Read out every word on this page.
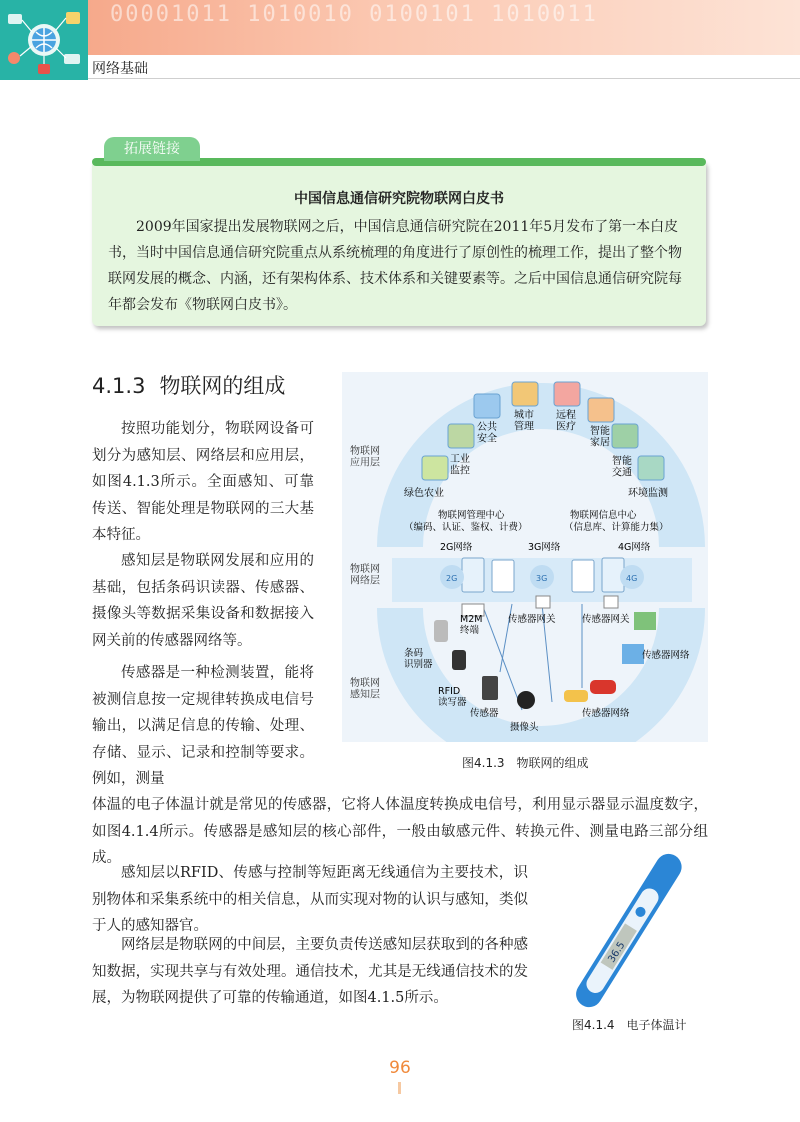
00001011 1010010 0100101 1010011
网络基础
拓展链接
中国信息通信研究院物联网白皮书
2009年国家提出发展物联网之后，中国信息通信研究院在2011年5月发布了第一本白皮书，当时中国信息通信研究院重点从系统梳理的角度进行了原创性的梳理工作，提出了整个物联网发展的概念、内涵，还有架构体系、技术体系和关键要素等。之后中国信息通信研究院每年都会发布《物联网白皮书》。
4.1.3 物联网的组成
按照功能划分，物联网设备可划分为感知层、网络层和应用层，如图4.1.3所示。全面感知、可靠传送、智能处理是物联网的三大基本特征。
感知层是物联网发展和应用的基础，包括条码识读器、传感器、摄像头等数据采集设备和数据接入网关前的传感器网络等。
传感器是一种检测装置，能将被测信息按一定规律转换成电信号输出，以满足信息的传输、处理、存储、显示、记录和控制等要求。例如，测量
体温的电子体温计就是常见的传感器，它将人体温度转换成电信号，利用显示器显示温度数字，如图4.1.4所示。传感器是感知层的核心部件，一般由敏感元件、转换元件、测量电路三部分组成。
感知层以RFID、传感与控制等短距离无线通信为主要技术，识别物体和采集系统中的相关信息，从而实现对物的认识与感知，类似于人的感知器官。
网络层是物联网的中间层，主要负责传送感知层获取到的各种感知数据，实现共享与有效处理。通信技术，尤其是无线通信技术的发展，为物联网提供了可靠的传输通道，如图4.1.5所示。
物联网应用层
物联网网络层
物联网感知层
公共安全
城市管理
远程医疗 智能家居
工业监控
智能交通
绿色农业	环境监测
物联网管理中心
（编码、认证、鉴权、计费）
物联网信息中心
（信息库、计算能力集）
2G网络	3G网络	4G网络
2G	3G	4G
M2M 终端
传感器网关	传感器网关
条码识别器
RFID 读写器
传感器
摄像头
传感器网络
传感器网络
图4.1.3　物联网的组成
36.5
图4.1.4　电子体温计
96
